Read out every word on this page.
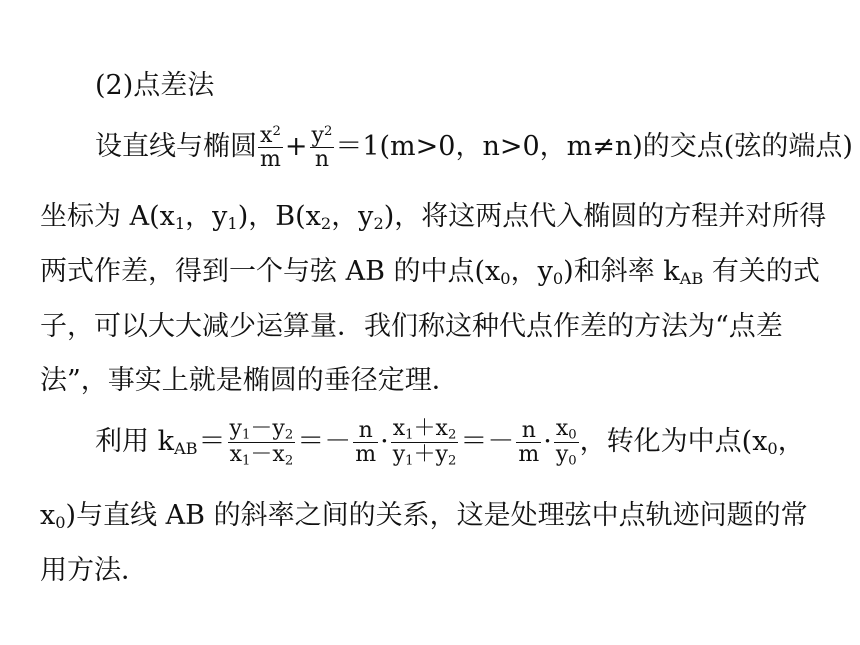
(2)点差法
设直线与椭圆 $\frac{x^2}{m} + \frac{y^2}{n} =1(m>0$，n>0，m≠n)的交点(弦的端点)
坐标为 $A(x_1$，$y_1$)，$B(x_2$，$y_2$)，将这两点代入椭圆的方程并对所得
两式作差，得到一个与弦 AB 的中点($x_0$，$y_0$)和斜率 $k_{AB}$ 有关的式
子，可以大大减少运算量．我们称这种代点作差的方法为“点差
法”，事实上就是椭圆的垂径定理．
利用 $k_{AB}= \frac{y_1-y_2}{x_1-x_2} =- \frac{n}{m} \cdot \frac{x_1+x_2}{y_1+y_2} =- \frac{n}{m} \cdot \frac{x_0}{y_0}$ ，转化为中点($x_0$，
$x_0$)与直线 AB 的斜率之间的关系，这是处理弦中点轨迹问题的常
用方法．
